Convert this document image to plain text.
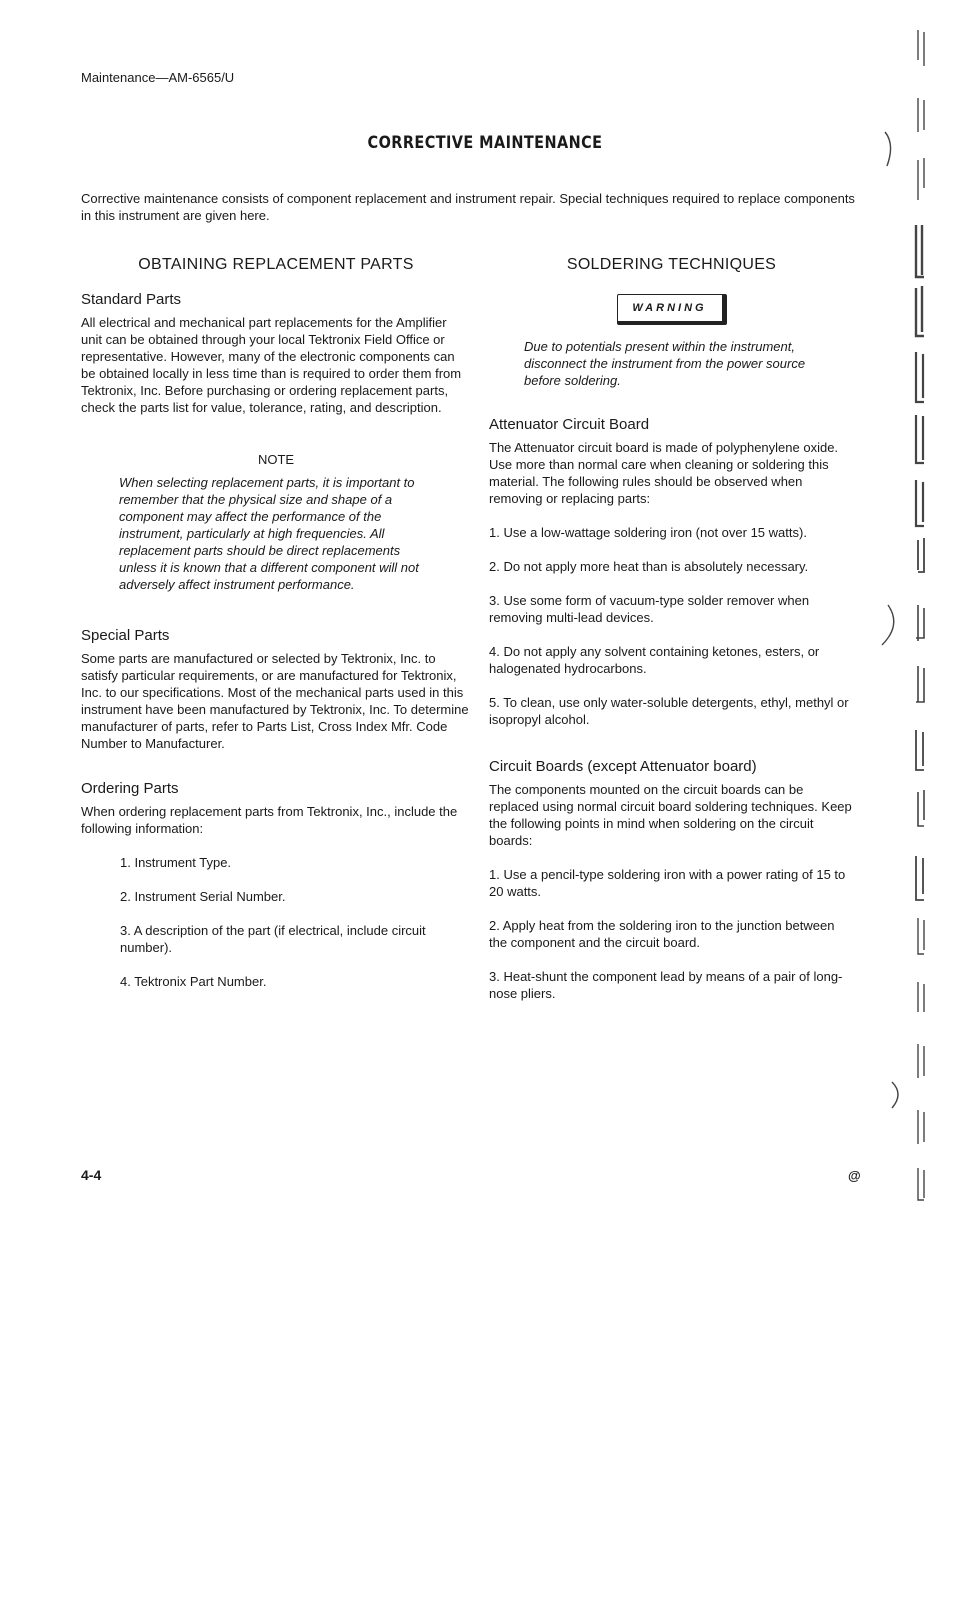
Maintenance—AM-6565/U
CORRECTIVE MAINTENANCE

Corrective maintenance consists of component replacement and instrument repair. Special techniques required to replace components in this instrument are given here.

OBTAINING REPLACEMENT PARTS
Standard Parts

All electrical and mechanical part replacements for the Amplifier unit can be obtained through your local Tektronix Field Office or representative. However, many of the electronic components can be obtained locally in less time than is required to order them from Tektronix, Inc. Before purchasing or ordering replacement parts, check the parts list for value, tolerance, rating, and description.

NOTE

When selecting replacement parts, it is important to remember that the physical size and shape of a component may affect the performance of the instrument, particularly at high frequencies. All replacement parts should be direct replacements unless it is known that a different component will not adversely affect instrument performance.

Special Parts

Some parts are manufactured or selected by Tektronix, Inc. to satisfy particular requirements, or are manufactured for Tektronix, Inc. to our specifications. Most of the mechanical parts used in this instrument have been manufactured by Tektronix, Inc. To determine manufacturer of parts, refer to Parts List, Cross Index Mfr. Code Number to Manufacturer.

Ordering Parts

When ordering replacement parts from Tektronix, Inc., include the following information:

1. Instrument Type.

2. Instrument Serial Number.

3. A description of the part (if electrical, include circuit number).

4. Tektronix Part Number.

SOLDERING TECHNIQUES
WARNING

Due to potentials present within the instrument, disconnect the instrument from the power source before soldering.

Attenuator Circuit Board

The Attenuator circuit board is made of polyphenylene oxide. Use more than normal care when cleaning or soldering this material. The following rules should be observed when removing or replacing parts:

1. Use a low-wattage soldering iron (not over 15 watts).

2. Do not apply more heat than is absolutely necessary.

3. Use some form of vacuum-type solder remover when removing multi-lead devices.

4. Do not apply any solvent containing ketones, esters, or halogenated hydrocarbons.

5. To clean, use only water-soluble detergents, ethyl, methyl or isopropyl alcohol.

Circuit Boards (except Attenuator board)

The components mounted on the circuit boards can be replaced using normal circuit board soldering techniques. Keep the following points in mind when soldering on the circuit boards:

1. Use a pencil-type soldering iron with a power rating of 15 to 20 watts.

2. Apply heat from the soldering iron to the junction between the component and the circuit board.

3. Heat-shunt the component lead by means of a pair of long-nose pliers.

4-4	@
